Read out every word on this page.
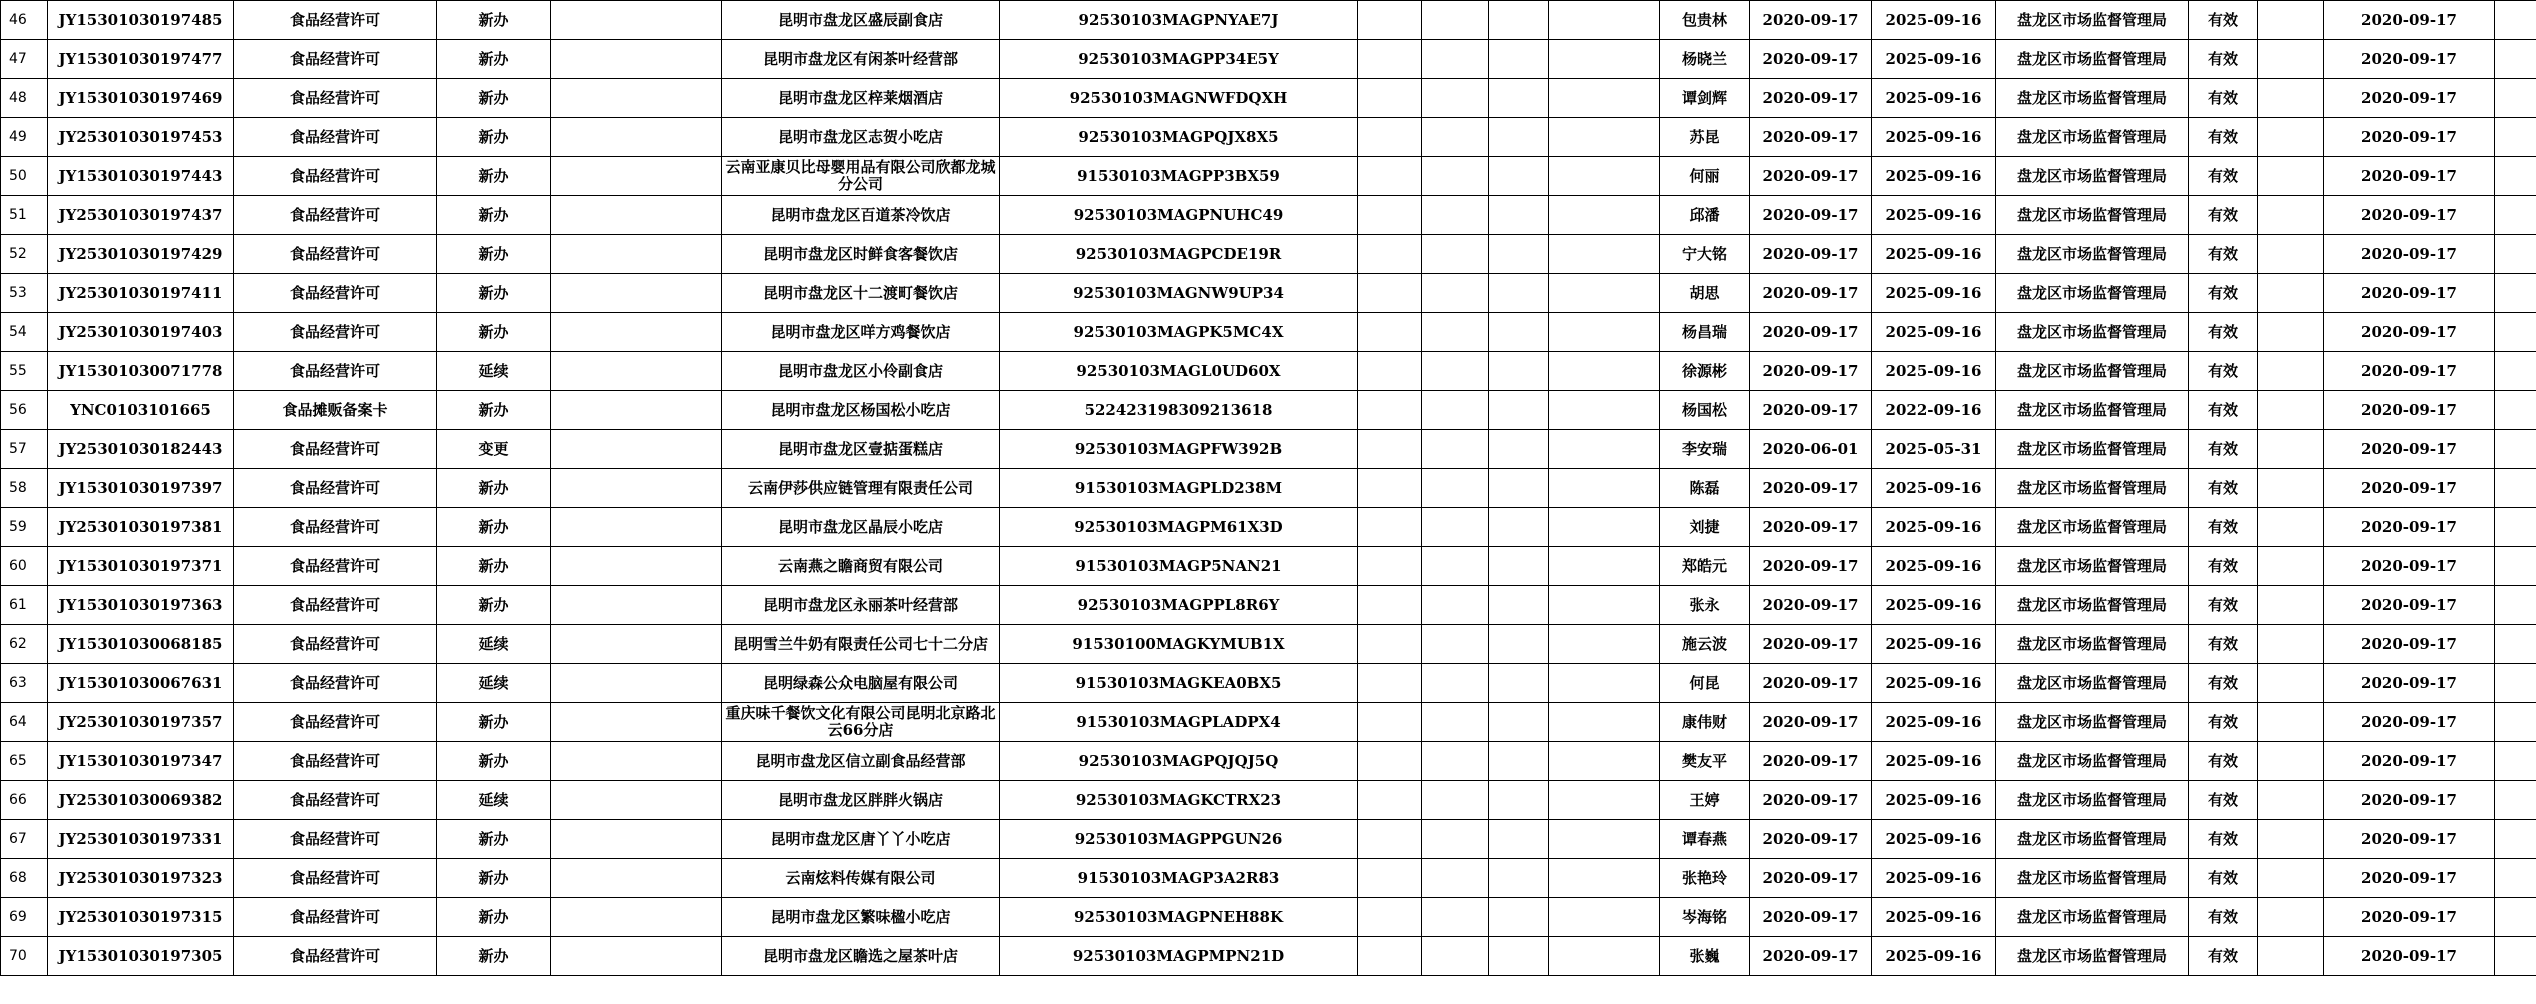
46	JY15301030197485	食品经营许可	新办		昆明市盘龙区盛辰副食店	92530103MAGPNYAE7J					包贵林	2020-09-17	2025-09-16	盘龙区市场监督管理局	有效		2020-09-17	
47	JY15301030197477	食品经营许可	新办		昆明市盘龙区有闲茶叶经营部	92530103MAGPP34E5Y					杨晓兰	2020-09-17	2025-09-16	盘龙区市场监督管理局	有效		2020-09-17	
48	JY15301030197469	食品经营许可	新办		昆明市盘龙区梓莱烟酒店	92530103MAGNWFDQXH					谭剑辉	2020-09-17	2025-09-16	盘龙区市场监督管理局	有效		2020-09-17	
49	JY25301030197453	食品经营许可	新办		昆明市盘龙区志贺小吃店	92530103MAGPQJX8X5					苏昆	2020-09-17	2025-09-16	盘龙区市场监督管理局	有效		2020-09-17	
50	JY15301030197443	食品经营许可	新办		云南亚康贝比母婴用品有限公司欣都龙城分公司	91530103MAGPP3BX59					何丽	2020-09-17	2025-09-16	盘龙区市场监督管理局	有效		2020-09-17	
51	JY25301030197437	食品经营许可	新办		昆明市盘龙区百道茶冷饮店	92530103MAGPNUHC49					邱潘	2020-09-17	2025-09-16	盘龙区市场监督管理局	有效		2020-09-17	
52	JY25301030197429	食品经营许可	新办		昆明市盘龙区时鲜食客餐饮店	92530103MAGPCDE19R					宁大铭	2020-09-17	2025-09-16	盘龙区市场监督管理局	有效		2020-09-17	
53	JY25301030197411	食品经营许可	新办		昆明市盘龙区十二渡町餐饮店	92530103MAGNW9UP34					胡思	2020-09-17	2025-09-16	盘龙区市场监督管理局	有效		2020-09-17	
54	JY25301030197403	食品经营许可	新办		昆明市盘龙区咩方鸡餐饮店	92530103MAGPK5MC4X					杨昌瑞	2020-09-17	2025-09-16	盘龙区市场监督管理局	有效		2020-09-17	
55	JY15301030071778	食品经营许可	延续		昆明市盘龙区小伶副食店	92530103MAGL0UD60X					徐源彬	2020-09-17	2025-09-16	盘龙区市场监督管理局	有效		2020-09-17	
56	YNC0103101665	食品摊贩备案卡	新办		昆明市盘龙区杨国松小吃店	522423198309213618					杨国松	2020-09-17	2022-09-16	盘龙区市场监督管理局	有效		2020-09-17	
57	JY25301030182443	食品经营许可	变更		昆明市盘龙区壹掂蛋糕店	92530103MAGPFW392B					李安瑞	2020-06-01	2025-05-31	盘龙区市场监督管理局	有效		2020-09-17	
58	JY15301030197397	食品经营许可	新办		云南伊莎供应链管理有限责任公司	91530103MAGPLD238M					陈磊	2020-09-17	2025-09-16	盘龙区市场监督管理局	有效		2020-09-17	
59	JY25301030197381	食品经营许可	新办		昆明市盘龙区晶辰小吃店	92530103MAGPM61X3D					刘捷	2020-09-17	2025-09-16	盘龙区市场监督管理局	有效		2020-09-17	
60	JY15301030197371	食品经营许可	新办		云南燕之瞻商贸有限公司	91530103MAGP5NAN21					郑皓元	2020-09-17	2025-09-16	盘龙区市场监督管理局	有效		2020-09-17	
61	JY15301030197363	食品经营许可	新办		昆明市盘龙区永丽茶叶经营部	92530103MAGPPL8R6Y					张永	2020-09-17	2025-09-16	盘龙区市场监督管理局	有效		2020-09-17	
62	JY15301030068185	食品经营许可	延续		昆明雪兰牛奶有限责任公司七十二分店	91530100MAGKYMUB1X					施云波	2020-09-17	2025-09-16	盘龙区市场监督管理局	有效		2020-09-17	
63	JY15301030067631	食品经营许可	延续		昆明绿森公众电脑屋有限公司	91530103MAGKEA0BX5					何昆	2020-09-17	2025-09-16	盘龙区市场监督管理局	有效		2020-09-17	
64	JY25301030197357	食品经营许可	新办		重庆味千餐饮文化有限公司昆明北京路北云66分店	91530103MAGPLADPX4					康伟财	2020-09-17	2025-09-16	盘龙区市场监督管理局	有效		2020-09-17	
65	JY15301030197347	食品经营许可	新办		昆明市盘龙区信立副食品经营部	92530103MAGPQJQJ5Q					樊友平	2020-09-17	2025-09-16	盘龙区市场监督管理局	有效		2020-09-17	
66	JY25301030069382	食品经营许可	延续		昆明市盘龙区胖胖火锅店	92530103MAGKCTRX23					王婷	2020-09-17	2025-09-16	盘龙区市场监督管理局	有效		2020-09-17	
67	JY25301030197331	食品经营许可	新办		昆明市盘龙区唐丫丫小吃店	92530103MAGPPGUN26					谭春燕	2020-09-17	2025-09-16	盘龙区市场监督管理局	有效		2020-09-17	
68	JY25301030197323	食品经营许可	新办		云南炫料传媒有限公司	91530103MAGP3A2R83					张艳玲	2020-09-17	2025-09-16	盘龙区市场监督管理局	有效		2020-09-17	
69	JY25301030197315	食品经营许可	新办		昆明市盘龙区繁味楹小吃店	92530103MAGPNEH88K					岑海铭	2020-09-17	2025-09-16	盘龙区市场监督管理局	有效		2020-09-17	
70	JY15301030197305	食品经营许可	新办		昆明市盘龙区瞻选之屋茶叶店	92530103MAGPMPN21D					张巍	2020-09-17	2025-09-16	盘龙区市场监督管理局	有效		2020-09-17	
